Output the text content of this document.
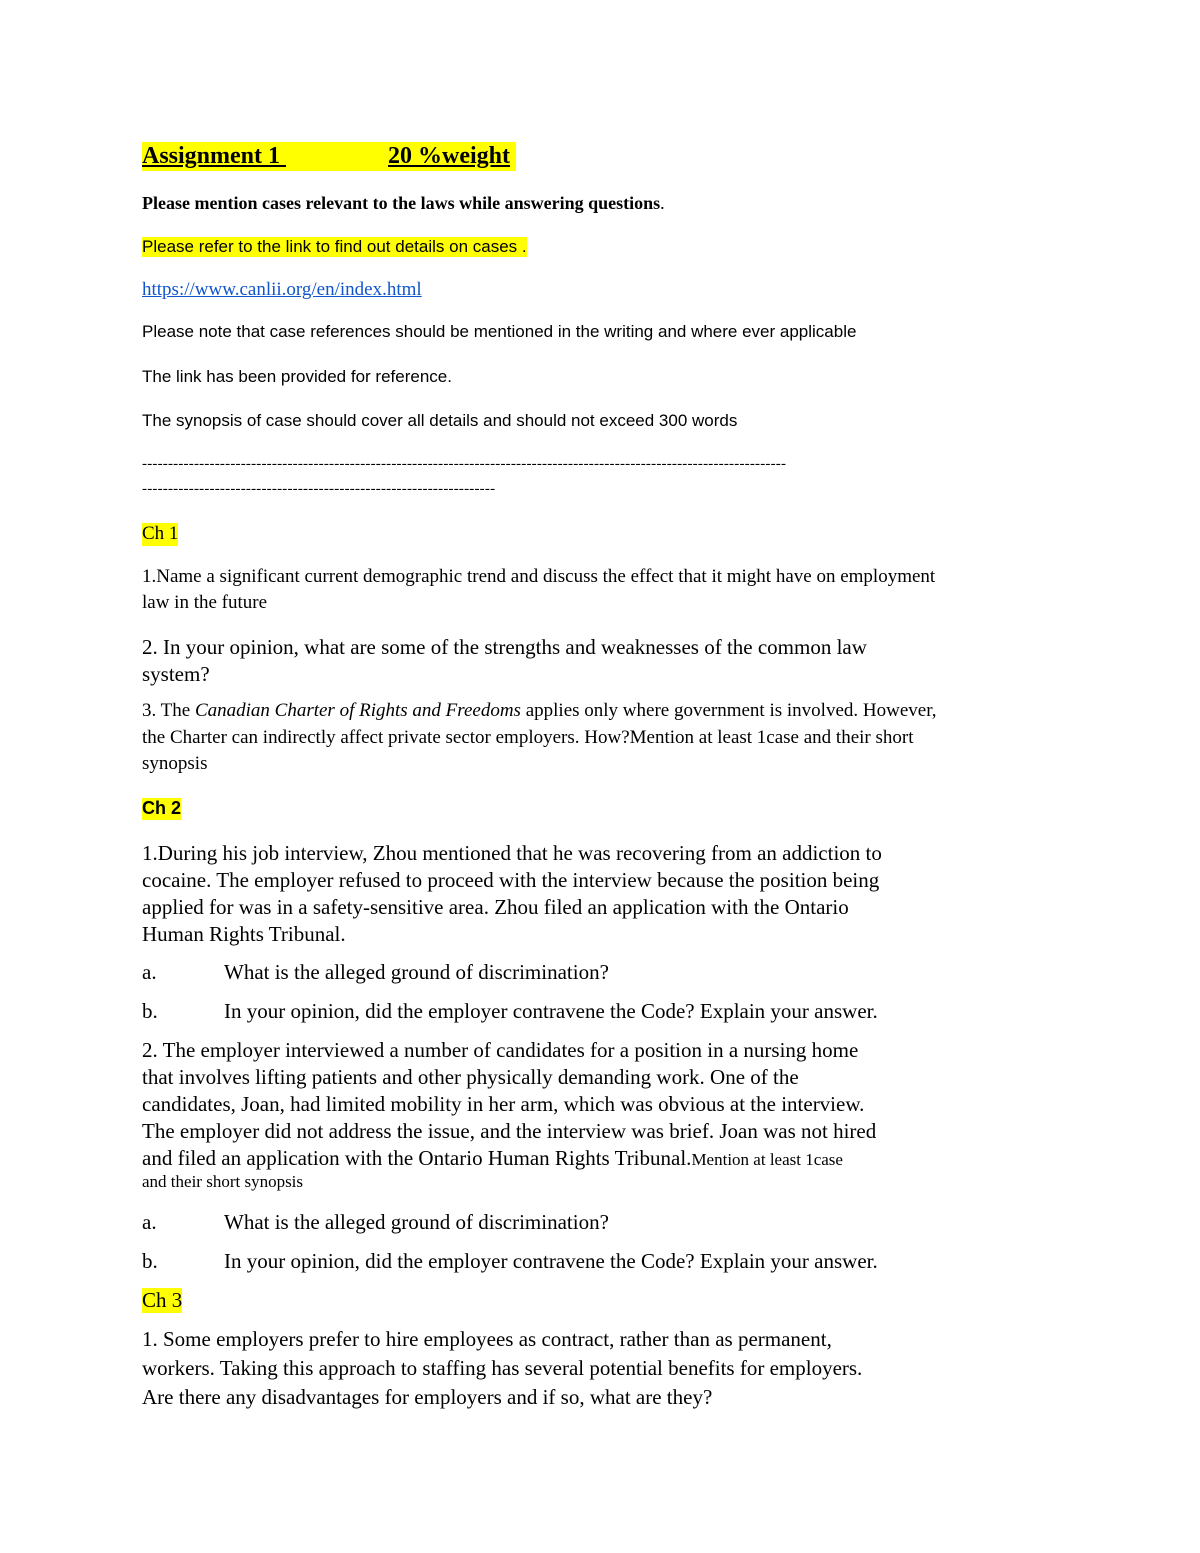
Assignment 1	20 %weight
Please mention cases relevant to the laws while answering questions.
Please refer to the link to find out details on cases .
https://www.canlii.org/en/index.html
Please note that case references should be mentioned in the writing and where ever applicable
The link has been provided for reference.
The synopsis of case should cover all details and should not exceed 300 words
----------------------------------------------------------------------------------------------------------------------------
--------------------------------------------------------------------
Ch 1
1.Name a significant current demographic trend and discuss the effect that it might have on employment
law in the future
2. In your opinion, what are some of the strengths and weaknesses of the common law
system?
3. The Canadian Charter of Rights and Freedoms applies only where government is involved. However,
the Charter can indirectly affect private sector employers. How?Mention at least 1case and their short
synopsis
Ch 2
1.During his job interview, Zhou mentioned that he was recovering from an addiction to
cocaine. The employer refused to proceed with the interview because the position being
applied for was in a safety-sensitive area. Zhou filed an application with the Ontario
Human Rights Tribunal.
a.	What is the alleged ground of discrimination?
b.	In your opinion, did the employer contravene the Code? Explain your answer.
2. The employer interviewed a number of candidates for a position in a nursing home
that involves lifting patients and other physically demanding work. One of the
candidates, Joan, had limited mobility in her arm, which was obvious at the interview.
The employer did not address the issue, and the interview was brief. Joan was not hired
and filed an application with the Ontario Human Rights Tribunal.Mention at least 1case
and their short synopsis
a.	What is the alleged ground of discrimination?
b.	In your opinion, did the employer contravene the Code? Explain your answer.
Ch 3
1. Some employers prefer to hire employees as contract, rather than as permanent,
workers. Taking this approach to staffing has several potential benefits for employers.
Are there any disadvantages for employers and if so, what are they?
